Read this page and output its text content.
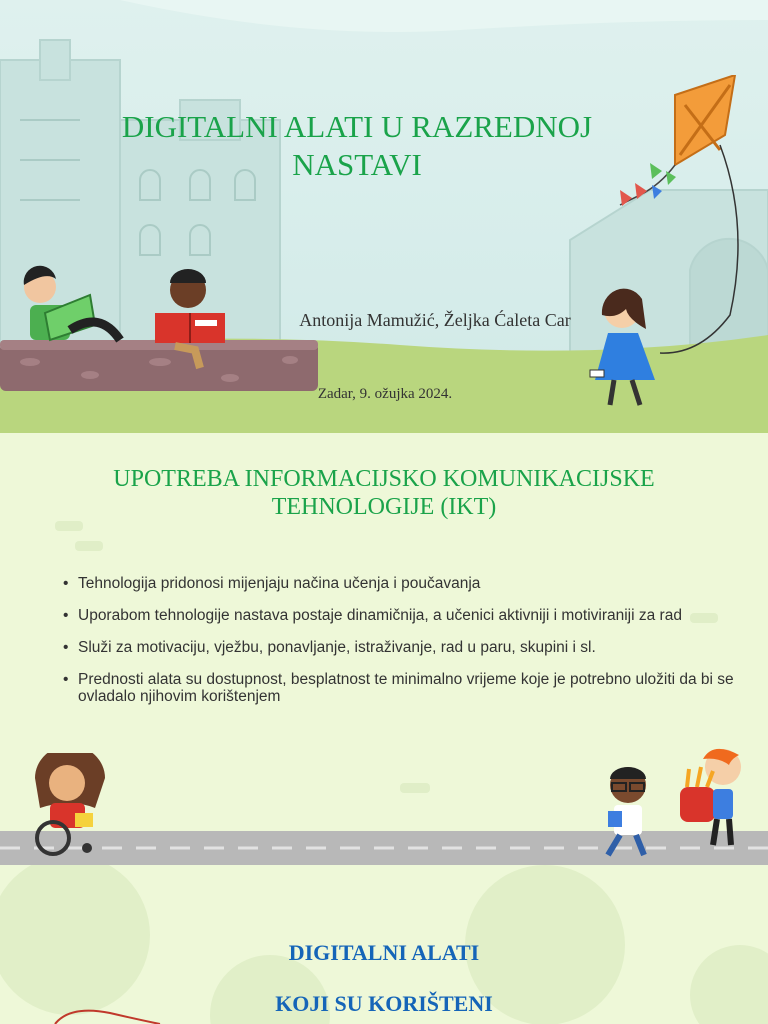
DIGITALNI ALATI U RAZREDNOJ NASTAVI
Antonija Mamužić, Željka Ćaleta Car
Zadar, 9. ožujka 2024.
UPOTREBA INFORMACIJSKO KOMUNIKACIJSKE
TEHNOLOGIJE (IKT)
• Tehnologija pridonosi mijenjaju načina učenja i poučavanja
• Uporabom tehnologije nastava postaje dinamičnija, a učenici aktivniji i motiviraniji za rad
• Služi za motivaciju, vježbu, ponavljanje, istraživanje, rad u paru, skupini i sl.
• Prednosti alata su dostupnost, besplatnost te minimalno vrijeme koje je potrebno uložiti da bi se ovladalo njihovim korištenjem
DIGITALNI ALATI
KOJI SU KORIŠTENI
